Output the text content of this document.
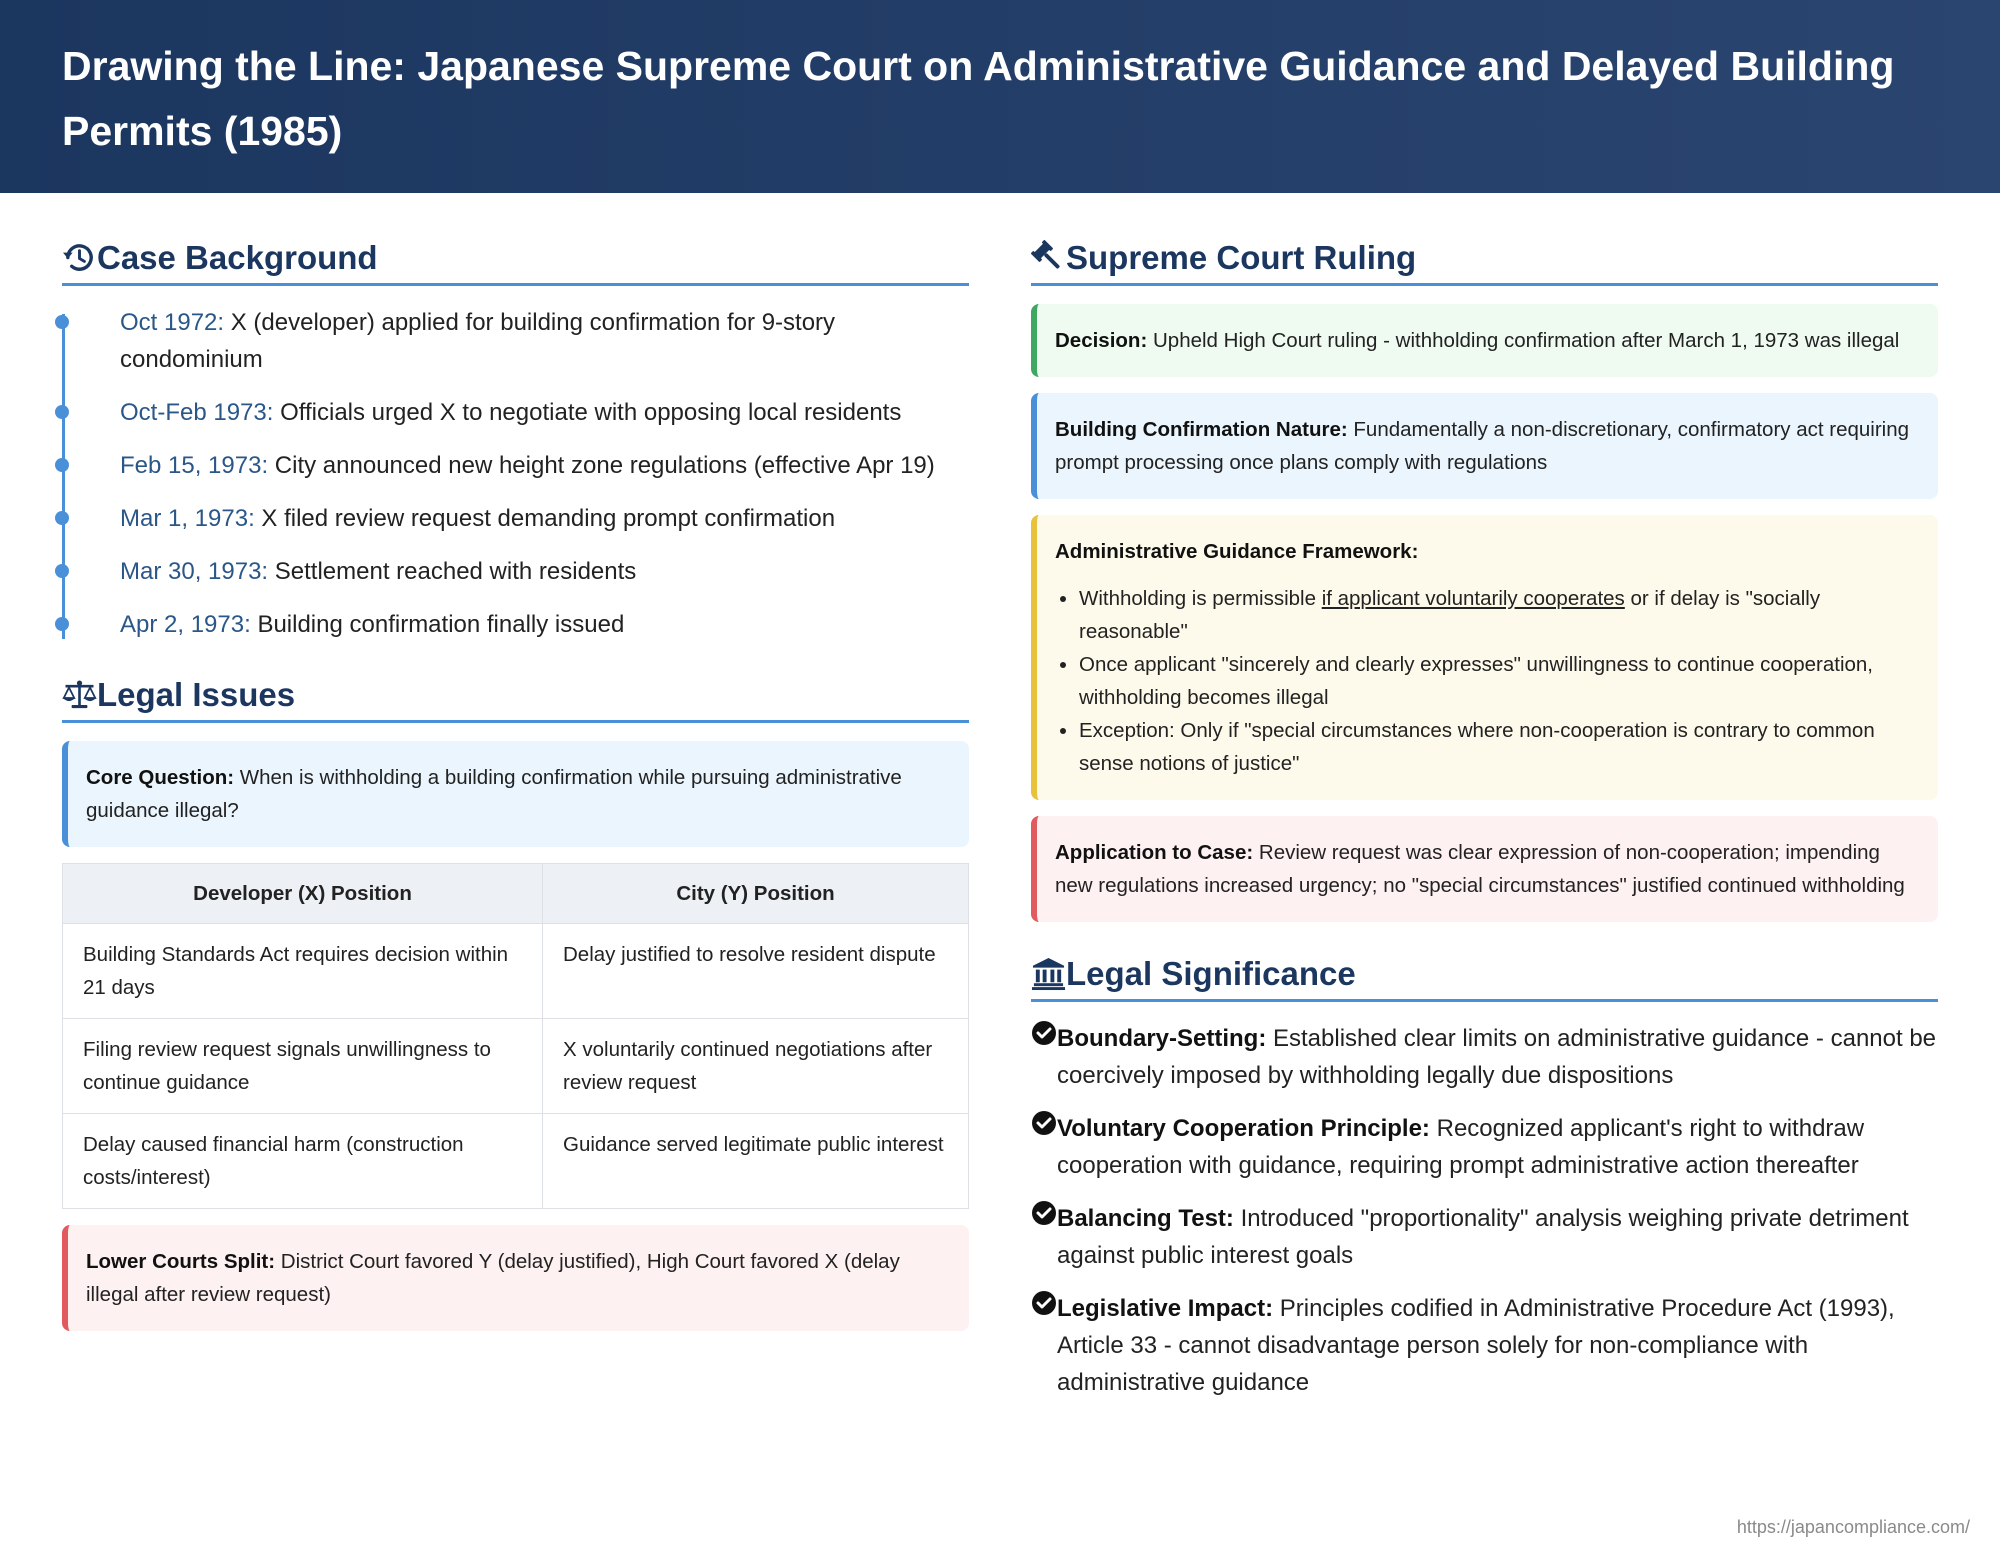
Drawing the Line: Japanese Supreme Court on Administrative Guidance and Delayed Building Permits (1985)
Case Background
Oct 1972: X (developer) applied for building confirmation for 9-story condominium
Oct-Feb 1973: Officials urged X to negotiate with opposing local residents
Feb 15, 1973: City announced new height zone regulations (effective Apr 19)
Mar 1, 1973: X filed review request demanding prompt confirmation
Mar 30, 1973: Settlement reached with residents
Apr 2, 1973: Building confirmation finally issued
Legal Issues
Core Question: When is withholding a building confirmation while pursuing administrative guidance illegal?
Developer (X) Position	City (Y) Position
Building Standards Act requires decision within 21 days	Delay justified to resolve resident dispute
Filing review request signals unwillingness to continue guidance	X voluntarily continued negotiations after review request
Delay caused financial harm (construction costs/interest)	Guidance served legitimate public interest
Lower Courts Split: District Court favored Y (delay justified), High Court favored X (delay illegal after review request)
Supreme Court Ruling
Decision: Upheld High Court ruling - withholding confirmation after March 1, 1973 was illegal
Building Confirmation Nature: Fundamentally a non-discretionary, confirmatory act requiring prompt processing once plans comply with regulations
Administrative Guidance Framework:
• Withholding is permissible if applicant voluntarily cooperates or if delay is "socially reasonable"
• Once applicant "sincerely and clearly expresses" unwillingness to continue cooperation, withholding becomes illegal
• Exception: Only if "special circumstances where non-cooperation is contrary to common sense notions of justice"
Application to Case: Review request was clear expression of non-cooperation; impending new regulations increased urgency; no "special circumstances" justified continued withholding
Legal Significance
Boundary-Setting: Established clear limits on administrative guidance - cannot be coercively imposed by withholding legally due dispositions
Voluntary Cooperation Principle: Recognized applicant's right to withdraw cooperation with guidance, requiring prompt administrative action thereafter
Balancing Test: Introduced "proportionality" analysis weighing private detriment against public interest goals
Legislative Impact: Principles codified in Administrative Procedure Act (1993), Article 33 - cannot disadvantage person solely for non-compliance with administrative guidance
https://japancompliance.com/
